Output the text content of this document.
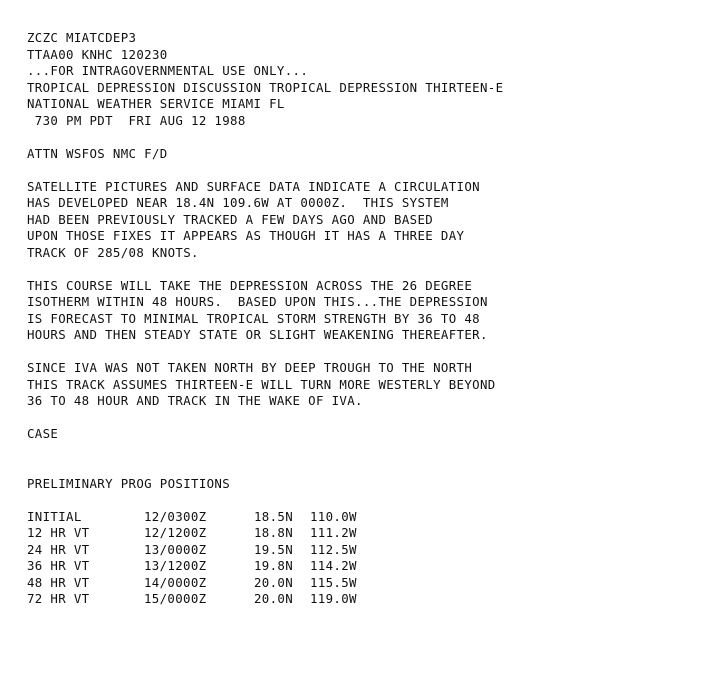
ZCZC MIATCDEP3
TTAA00 KNHC 120230
...FOR INTRAGOVERNMENTAL USE ONLY...
TROPICAL DEPRESSION DISCUSSION TROPICAL DEPRESSION THIRTEEN-E
NATIONAL WEATHER SERVICE MIAMI FL
730 PM PDT  FRI AUG 12 1988
ATTN WSFOS NMC F/D
SATELLITE PICTURES AND SURFACE DATA INDICATE A CIRCULATION
HAS DEVELOPED NEAR 18.4N 109.6W AT 0000Z.  THIS SYSTEM
HAD BEEN PREVIOUSLY TRACKED A FEW DAYS AGO AND BASED
UPON THOSE FIXES IT APPEARS AS THOUGH IT HAS A THREE DAY
TRACK OF 285/08 KNOTS.
THIS COURSE WILL TAKE THE DEPRESSION ACROSS THE 26 DEGREE
ISOTHERM WITHIN 48 HOURS.  BASED UPON THIS...THE DEPRESSION
IS FORECAST TO MINIMAL TROPICAL STORM STRENGTH BY 36 TO 48
HOURS AND THEN STEADY STATE OR SLIGHT WEAKENING THEREAFTER.
SINCE IVA WAS NOT TAKEN NORTH BY DEEP TROUGH TO THE NORTH
THIS TRACK ASSUMES THIRTEEN-E WILL TURN MORE WESTERLY BEYOND
36 TO 48 HOUR AND TRACK IN THE WAKE OF IVA.
CASE
PRELIMINARY PROG POSITIONS
INITIAL	12/0300Z	18.5N	110.0W
12 HR VT	12/1200Z	18.8N	111.2W
24 HR VT	13/0000Z	19.5N	112.5W
36 HR VT	13/1200Z	19.8N	114.2W
48 HR VT	14/0000Z	20.0N	115.5W
72 HR VT	15/0000Z	20.0N	119.0W
